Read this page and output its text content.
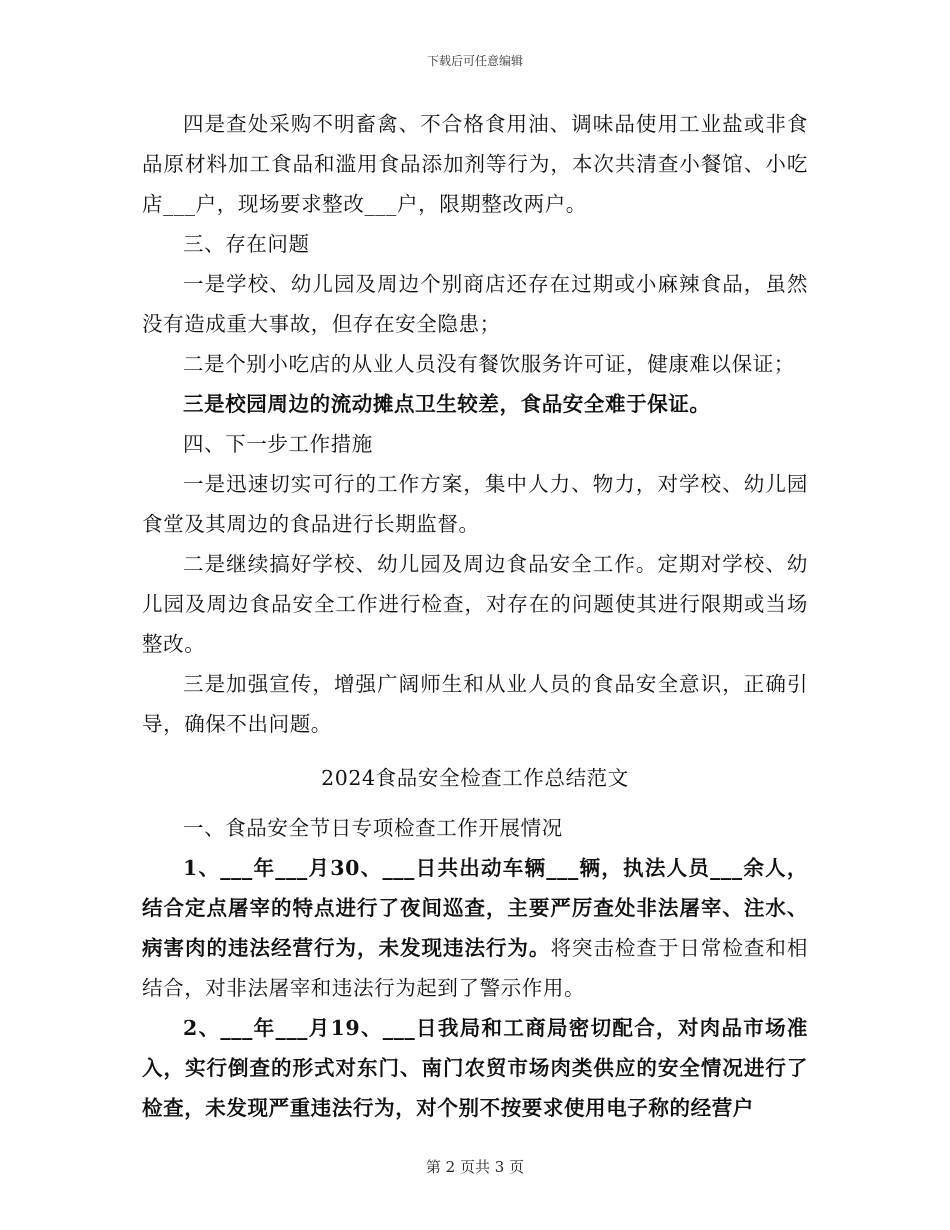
下载后可任意编辑

四是查处采购不明畜禽、不合格食用油、调味品使用工业盐或非食品原材料加工食品和滥用食品添加剂等行为，本次共清查小餐馆、小吃店___户，现场要求整改___户，限期整改两户。

三、存在问题

一是学校、幼儿园及周边个别商店还存在过期或小麻辣食品，虽然没有造成重大事故，但存在安全隐患；

二是个别小吃店的从业人员没有餐饮服务许可证，健康难以保证；

三是校园周边的流动摊点卫生较差，食品安全难于保证。

四、下一步工作措施

一是迅速切实可行的工作方案，集中人力、物力，对学校、幼儿园食堂及其周边的食品进行长期监督。

二是继续搞好学校、幼儿园及周边食品安全工作。定期对学校、幼儿园及周边食品安全工作进行检查，对存在的问题使其进行限期或当场整改。

三是加强宣传，增强广阔师生和从业人员的食品安全意识，正确引导，确保不出问题。

2024食品安全检查工作总结范文

一、食品安全节日专项检查工作开展情况

1、___年___月30、___日共出动车辆___辆，执法人员___余人，结合定点屠宰的特点进行了夜间巡查，主要严厉查处非法屠宰、注水、病害肉的违法经营行为，未发现违法行为。将突击检查于日常检查和相结合，对非法屠宰和违法行为起到了警示作用。

2、___年___月19、___日我局和工商局密切配合，对肉品市场准入，实行倒查的形式对东门、南门农贸市场肉类供应的安全情况进行了检查，未发现严重违法行为，对个别不按要求使用电子称的经营户

第 2 页共 3 页
